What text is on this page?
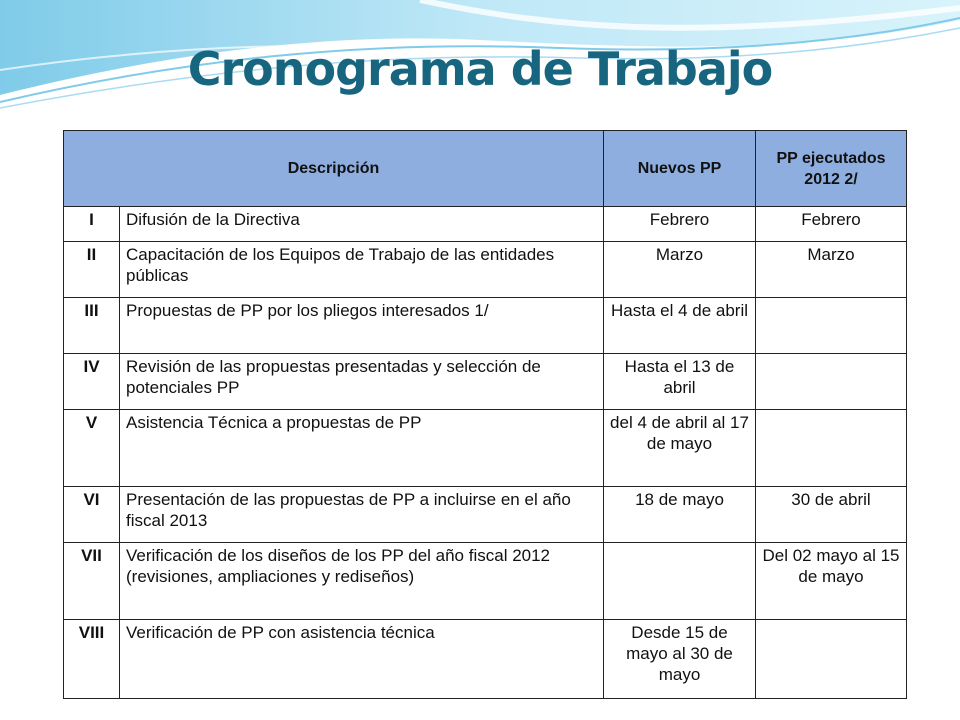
Cronograma de Trabajo
Descripción		Nuevos PP	PP ejecutados 2012 2/
I	Difusión de la Directiva	Febrero	Febrero
II	Capacitación de los Equipos de Trabajo de las entidades públicas	Marzo	Marzo
III	Propuestas de PP por los pliegos interesados 1/	Hasta el 4 de abril	
IV	Revisión de las propuestas presentadas y selección de potenciales PP	Hasta el 13 de abril	
V	Asistencia Técnica a propuestas de PP	del 4 de abril al 17 de mayo	
VI	Presentación de las propuestas de PP a incluirse en el año fiscal 2013	18 de mayo	30 de abril
VII	Verificación de los diseños de los PP del año fiscal 2012 (revisiones, ampliaciones y rediseños)		Del 02 mayo al 15 de mayo
VIII	Verificación de PP con asistencia técnica	Desde 15 de mayo al 30 de mayo	
